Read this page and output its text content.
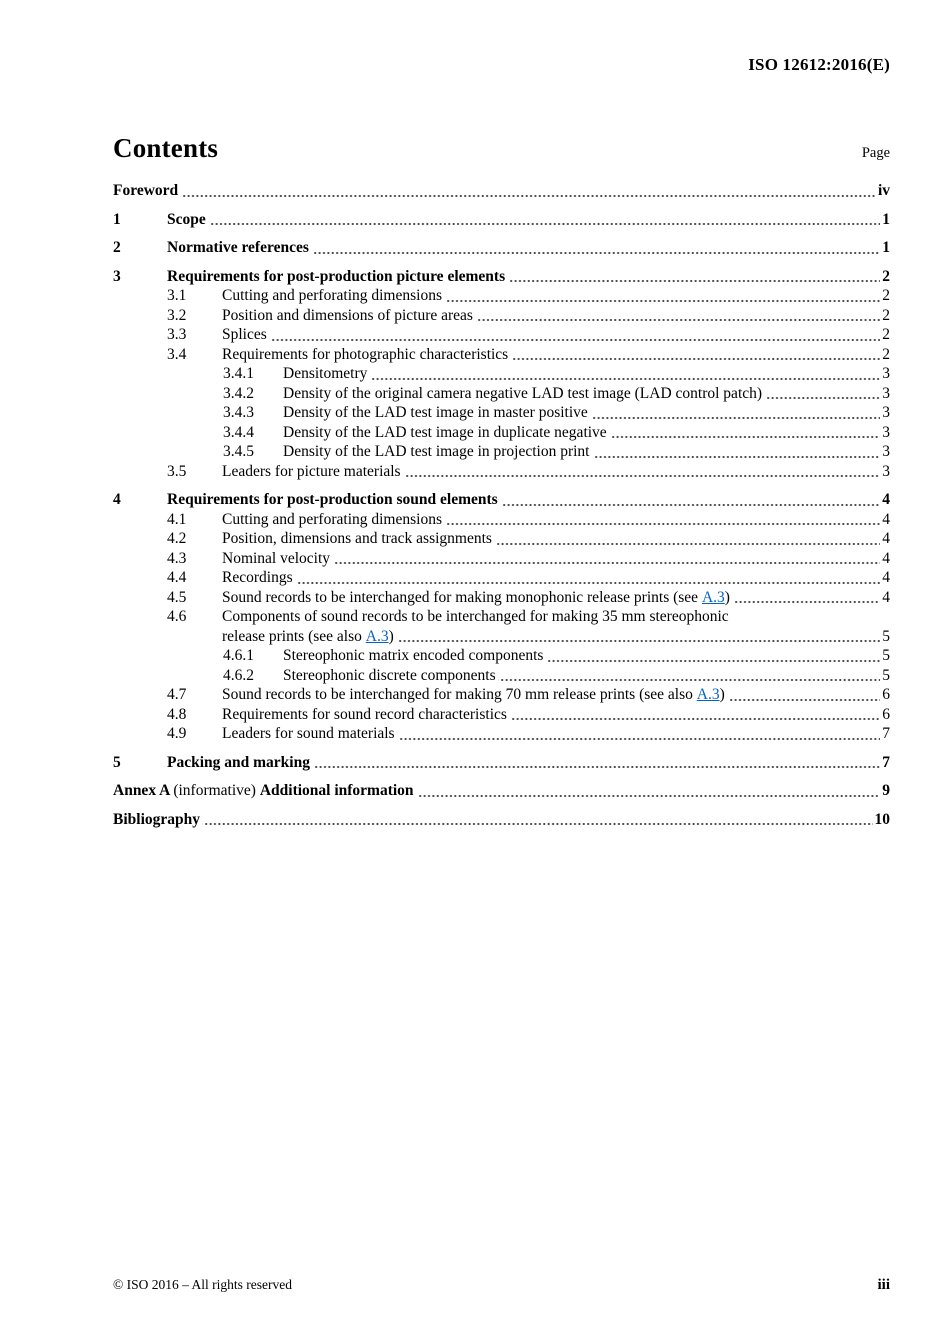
ISO 12612:2016(E)
Contents	Page
Foreword	iv
1	Scope	1
2	Normative references	1
3	Requirements for post-production picture elements	2
3.1	Cutting and perforating dimensions	2
3.2	Position and dimensions of picture areas	2
3.3	Splices	2
3.4	Requirements for photographic characteristics	2
3.4.1	Densitometry	3
3.4.2	Density of the original camera negative LAD test image (LAD control patch)	3
3.4.3	Density of the LAD test image in master positive	3
3.4.4	Density of the LAD test image in duplicate negative	3
3.4.5	Density of the LAD test image in projection print	3
3.5	Leaders for picture materials	3
4	Requirements for post-production sound elements	4
4.1	Cutting and perforating dimensions	4
4.2	Position, dimensions and track assignments	4
4.3	Nominal velocity	4
4.4	Recordings	4
4.5	Sound records to be interchanged for making monophonic release prints (see A.3 )	4
4.6	Components of sound records to be interchanged for making 35 mm stereophonic
release prints (see also A.3 )	5
4.6.1	Stereophonic matrix encoded components	5
4.6.2	Stereophonic discrete components	5
4.7	Sound records to be interchanged for making 70 mm release prints (see also A.3 )	6
4.8	Requirements for sound record characteristics	6
4.9	Leaders for sound materials	7
5	Packing and marking	7
Annex A (informative) Additional information	9
Bibliography	10
© ISO 2016 – All rights reserved	iii
